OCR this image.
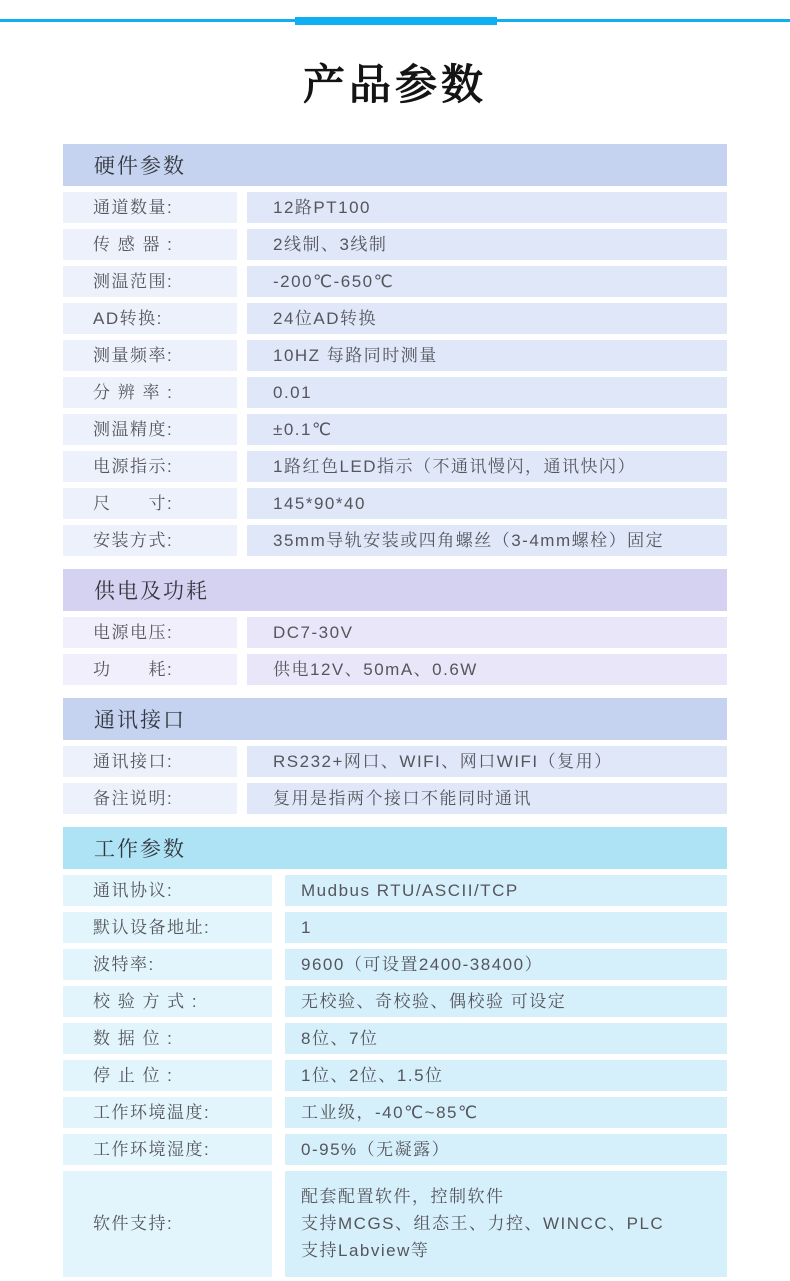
产品参数
硬件参数
通道数量:	12路PT100
传 感 器 :	2线制、3线制
测温范围:	-200℃-650℃
AD转换:	24位AD转换
测量频率:	10HZ 每路同时测量
分 辨 率 :	0.01
测温精度:	±0.1℃
电源指示:	1路红色LED指示（不通讯慢闪，通讯快闪）
尺　　寸:	145*90*40
安装方式:	35mm导轨安装或四角螺丝（3-4mm螺栓）固定
供电及功耗
电源电压:	DC7-30V
功　　耗:	供电12V、50mA、0.6W
通讯接口
通讯接口:	RS232+网口、WIFI、网口WIFI（复用）
备注说明:	复用是指两个接口不能同时通讯
工作参数
通讯协议:	Mudbus RTU/ASCII/TCP
默认设备地址:	1
波特率:	9600（可设置2400-38400）
校 验 方 式 :	无校验、奇校验、偶校验 可设定
数 据 位 :	8位、7位
停 止 位 :	1位、2位、1.5位
工作环境温度:	工业级，-40℃~85℃
工作环境湿度:	0-95%（无凝露）
软件支持:
配套配置软件，控制软件
支持MCGS、组态王、力控、WINCC、PLC
支持Labview等
